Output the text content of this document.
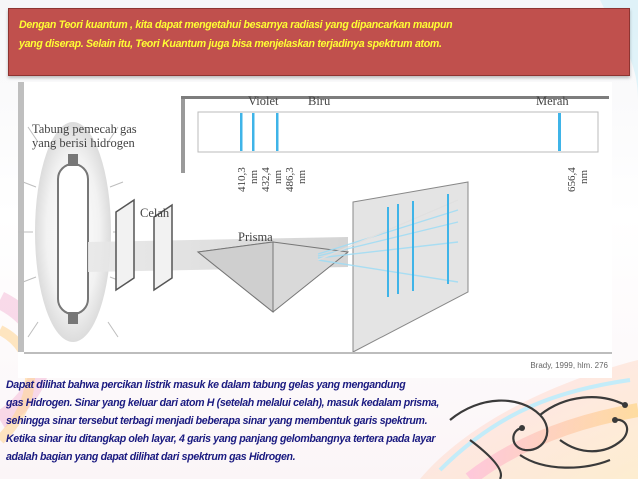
Dengan Teori kuantum , kita dapat mengetahui besarnya radiasi yang dipancarkan maupun
yang diserap. Selain itu, Teori Kuantum juga bisa menjelaskan terjadinya spektrum atom.
Tabung pemecah gas
yang berisi hidrogen
Celah
Prisma
Violet Biru	Merah
410,3 nm 432,4 nm 486,3 nm	656,4 nm
Brady, 1999, hlm. 276
Dapat dilihat bahwa percikan listrik masuk ke dalam tabung gelas yang mengandung
gas Hidrogen. Sinar yang keluar dari atom H (setelah melalui celah), masuk kedalam prisma,
sehingga sinar tersebut terbagi menjadi beberapa sinar yang membentuk garis spektrum.
Ketika sinar itu ditangkap oleh layar, 4 garis yang panjang gelombangnya tertera pada layar
adalah bagian yang dapat dilihat dari spektrum gas Hidrogen.
